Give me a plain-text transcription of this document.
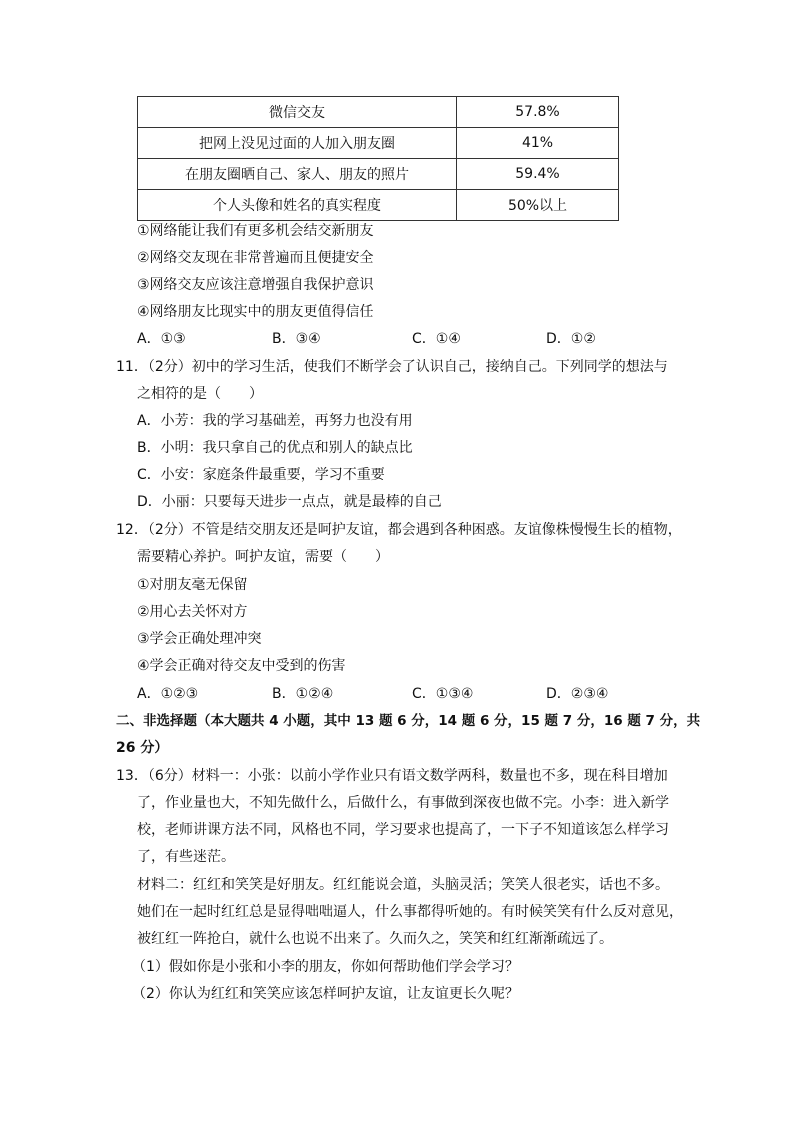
微信交友	57.8%
把网上没见过面的人加入朋友圈	41%
在朋友圈晒自己、家人、朋友的照片	59.4%
个人头像和姓名的真实程度	50%以上
①网络能让我们有更多机会结交新朋友
②网络交友现在非常普遍而且便捷安全
③网络交友应该注意增强自我保护意识
④网络朋友比现实中的朋友更值得信任
A．①③	B．③④	C．①④	D．①②
11．（2分）初中的学习生活，使我们不断学会了认识自己，接纳自己。下列同学的想法与
之相符的是（　　）
A．小芳：我的学习基础差，再努力也没有用
B．小明：我只拿自己的优点和别人的缺点比
C．小安：家庭条件最重要，学习不重要
D．小丽：只要每天进步一点点，就是最棒的自己
12．（2分）不管是结交朋友还是呵护友谊，都会遇到各种困惑。友谊像株慢慢生长的植物，
需要精心养护。呵护友谊，需要（　　）
①对朋友毫无保留
②用心去关怀对方
③学会正确处理冲突
④学会正确对待交友中受到的伤害
A．①②③	B．①②④	C．①③④	D．②③④
二、非选择题（本大题共 4 小题，其中 13 题 6 分，14 题 6 分，15 题 7 分，16 题 7 分，共
26 分）
13．（6分）材料一：小张：以前小学作业只有语文数学两科，数量也不多，现在科目增加
了，作业量也大，不知先做什么，后做什么，有事做到深夜也做不完。小李：进入新学
校，老师讲课方法不同，风格也不同，学习要求也提高了，一下子不知道该怎么样学习
了，有些迷茫。
材料二：红红和笑笑是好朋友。红红能说会道，头脑灵活；笑笑人很老实，话也不多。
她们在一起时红红总是显得咄咄逼人，什么事都得听她的。有时候笑笑有什么反对意见，
被红红一阵抢白，就什么也说不出来了。久而久之，笑笑和红红渐渐疏远了。
（1）假如你是小张和小李的朋友，你如何帮助他们学会学习？
（2）你认为红红和笑笑应该怎样呵护友谊，让友谊更长久呢？
